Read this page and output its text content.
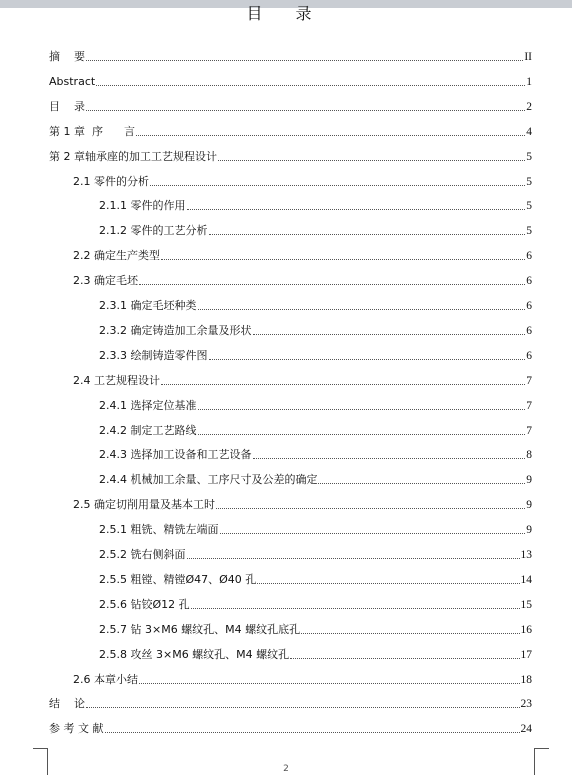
目 录
摘    要	II
Abstract	1
目    录	2
第 1 章  序      言	4
第 2 章轴承座的加工工艺规程设计	5
2.1 零件的分析	5
2.1.1 零件的作用	5
2.1.2 零件的工艺分析	5
2.2 确定生产类型	6
2.3 确定毛坯	6
2.3.1 确定毛坯种类	6
2.3.2 确定铸造加工余量及形状	6
2.3.3 绘制铸造零件图	6
2.4 工艺规程设计	7
2.4.1 选择定位基准	7
2.4.2 制定工艺路线	7
2.4.3 选择加工设备和工艺设备	8
2.4.4 机械加工余量、工序尺寸及公差的确定	9
2.5 确定切削用量及基本工时	9
2.5.1 粗铣、精铣左端面	9
2.5.2 铣右侧斜面	13
2.5.5 粗镗、精镗Ø47、Ø40 孔	14
2.5.6 钻铰Ø12 孔	15
2.5.7 钻 3×M6 螺纹孔、M4 螺纹孔底孔	16
2.5.8 攻丝 3×M6 螺纹孔、M4 螺纹孔	17
2.6 本章小结	18
结    论	23
参 考 文 献	24
2
